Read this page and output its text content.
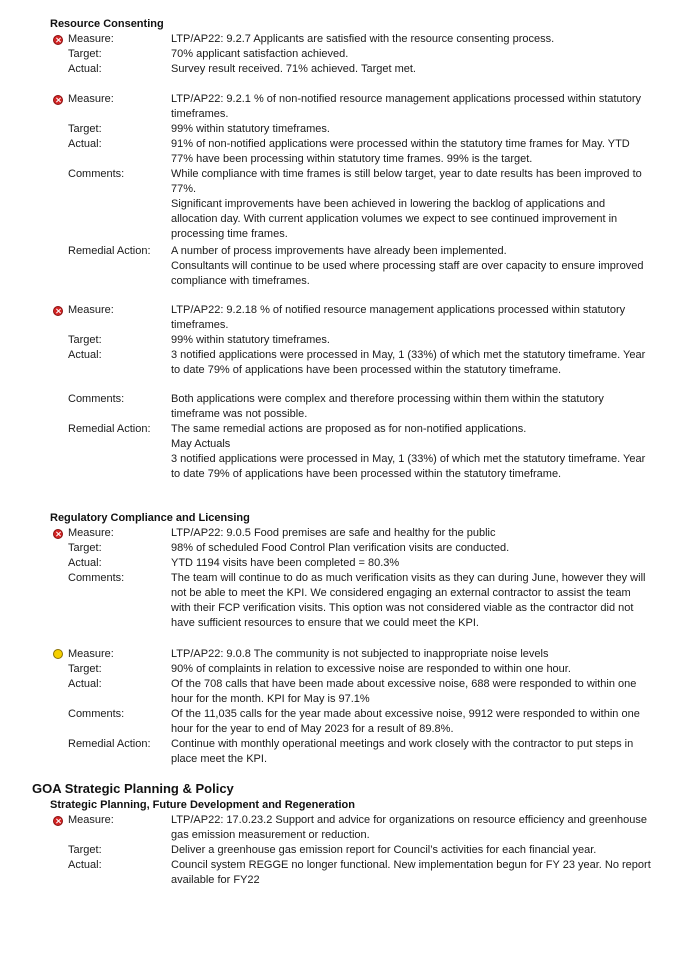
Resource Consenting
Measure:	LTP/AP22: 9.2.7 Applicants are satisfied with the resource consenting process.
Target:	70% applicant satisfaction achieved.
Actual:	Survey result received. 71% achieved. Target met.
Measure:	LTP/AP22: 9.2.1 % of non-notified resource management applications processed within statutory timeframes.
Target:	99% within statutory timeframes.
Actual:	91% of non-notified applications were processed within the statutory time frames for May. YTD 77% have been processing within statutory time frames. 99% is the target.
Comments:	While compliance with time frames is still below target, year to date results has been improved to 77%.

Significant improvements have been achieved in lowering the backlog of applications and allocation day. With current application volumes we expect to see continued improvement in processing time frames.

Remedial Action: A number of process improvements have already been implemented.

Consultants will continue to be used where processing staff are over capacity to ensure improved compliance with timeframes.

Measure:	LTP/AP22: 9.2.18 % of notified resource management applications processed within statutory timeframes.
Target:	99% within statutory timeframes.
Actual:	3 notified applications were processed in May, 1 (33%) of which met the statutory timeframe. Year to date 79% of applications have been processed within the statutory timeframe.
Comments:	Both applications were complex and therefore processing within them within the statutory timeframe was not possible.
Remedial Action: The same remedial actions are proposed as for non-notified applications.

May Actuals

3 notified applications were processed in May, 1 (33%) of which met the statutory timeframe. Year to date 79% of applications have been processed within the statutory timeframe.

Regulatory Compliance and Licensing
Measure:	LTP/AP22: 9.0.5 Food premises are safe and healthy for the public
Target:	98% of scheduled Food Control Plan verification visits are conducted.
Actual:	YTD 1194 visits have been completed = 80.3%
Comments:	The team will continue to do as much verification visits as they can during June, however they will not be able to meet the KPI. We considered engaging an external contractor to assist the team with their FCP verification visits. This option was not considered viable as the contractor did not have sufficient resources to ensure that we could meet the KPI.
Measure:	LTP/AP22: 9.0.8 The community is not subjected to inappropriate noise levels
Target:	90% of complaints in relation to excessive noise are responded to within one hour.
Actual:	Of the 708 calls that have been made about excessive noise, 688 were responded to within one hour for the month. KPI for May is 97.1%
Comments:	Of the 11,035 calls for the year made about excessive noise, 9912 were responded to within one hour for the year to end of May 2023 for a result of 89.8%.
Remedial Action: Continue with monthly operational meetings and work closely with the contractor to put steps in place meet the KPI.
GOA Strategic Planning & Policy
Strategic Planning, Future Development and Regeneration
Measure:	LTP/AP22: 17.0.23.2 Support and advice for organizations on resource efficiency and greenhouse gas emission measurement or reduction.
Target:	Deliver a greenhouse gas emission report for Council’s activities for each financial year.
Actual:	Council system REGGE no longer functional. New implementation begun for FY 23 year. No report available for FY22
